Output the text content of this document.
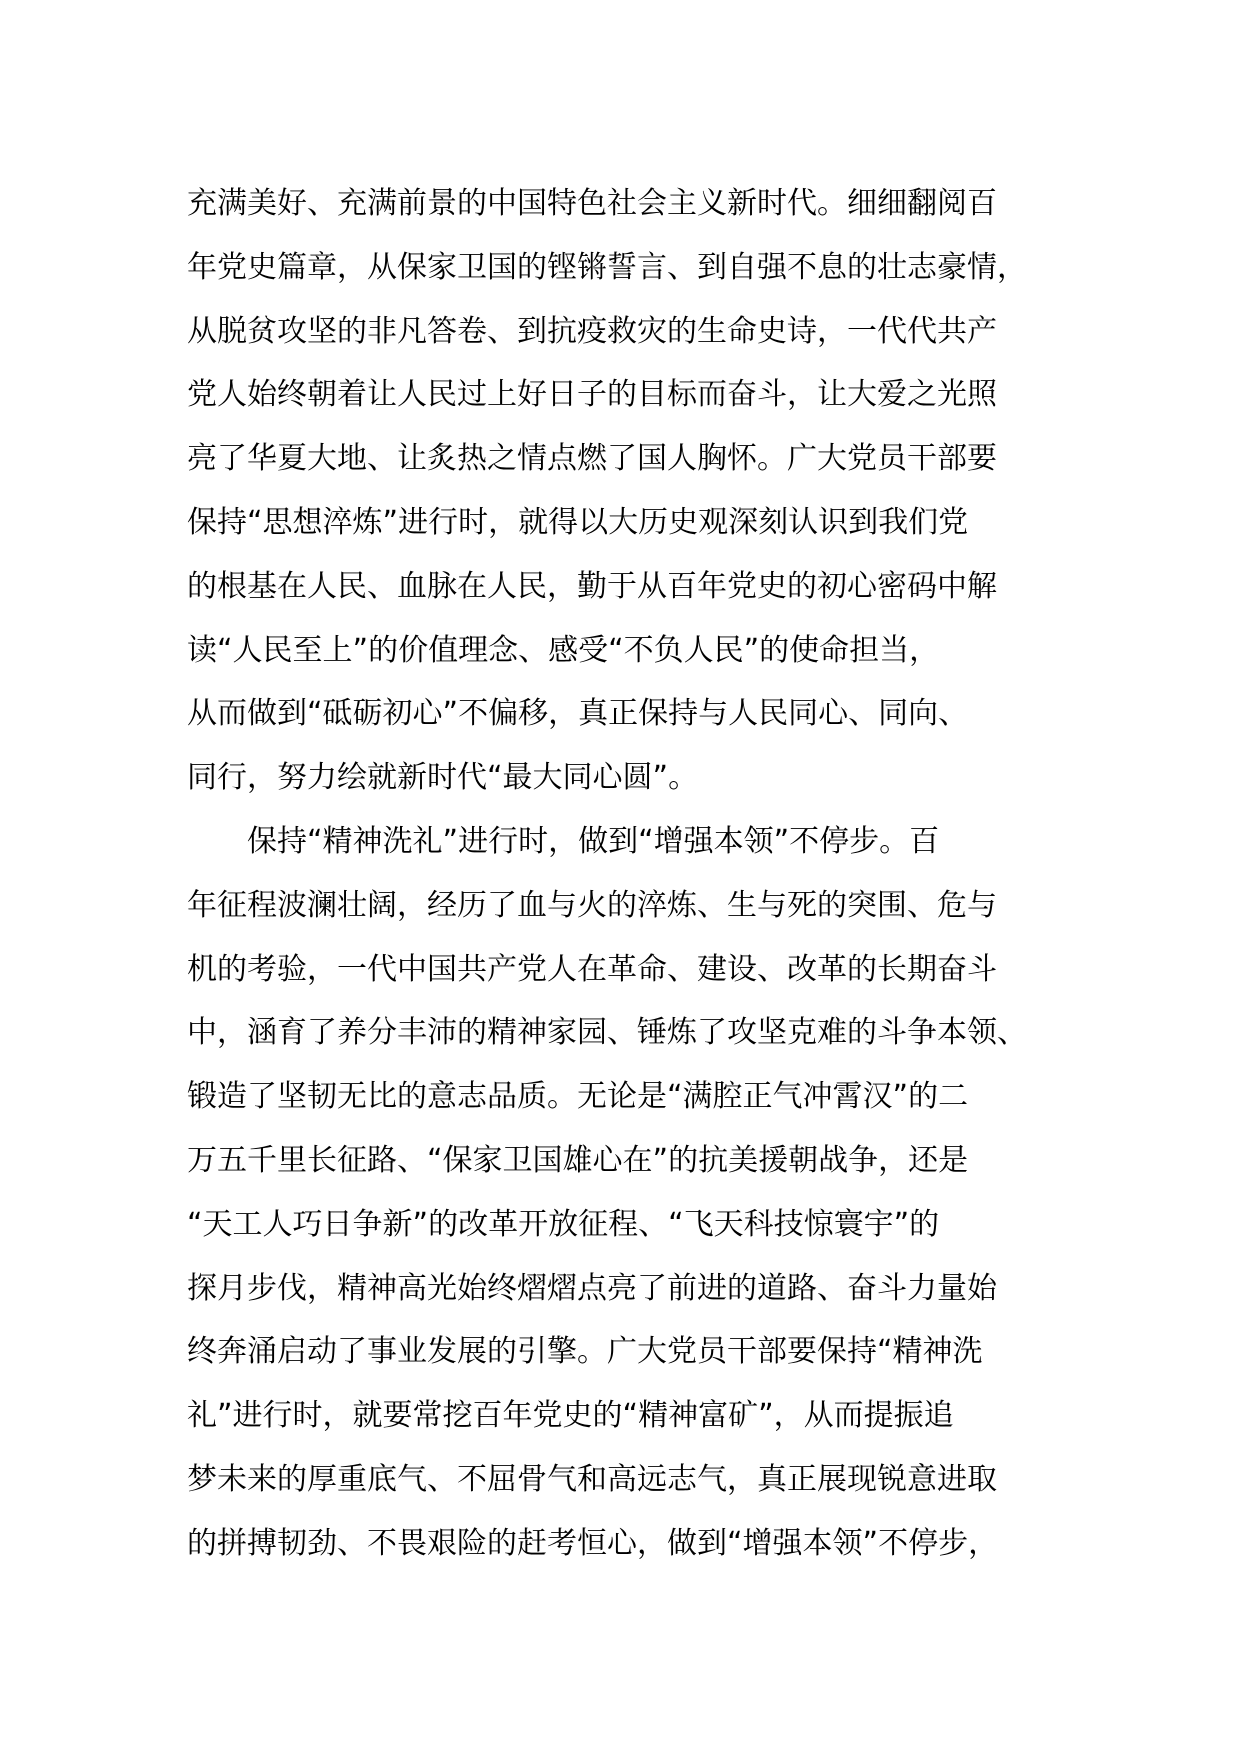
充满美好、充满前景的中国特色社会主义新时代。细细翻阅百
年党史篇章，从保家卫国的铿锵誓言、到自强不息的壮志豪情，
从脱贫攻坚的非凡答卷、到抗疫救灾的生命史诗，一代代共产
党人始终朝着让人民过上好日子的目标而奋斗，让大爱之光照
亮了华夏大地、让炙热之情点燃了国人胸怀。广大党员干部要
保持“思想淬炼”进行时，就得以大历史观深刻认识到我们党
的根基在人民、血脉在人民，勤于从百年党史的初心密码中解
读“人民至上”的价值理念、感受“不负人民”的使命担当，
从而做到“砥砺初心”不偏移，真正保持与人民同心、同向、
同行，努力绘就新时代“最大同心圆”。
保持“精神洗礼”进行时，做到“增强本领”不停步。百
年征程波澜壮阔，经历了血与火的淬炼、生与死的突围、危与
机的考验，一代中国共产党人在革命、建设、改革的长期奋斗
中，涵育了养分丰沛的精神家园、锤炼了攻坚克难的斗争本领、
锻造了坚韧无比的意志品质。无论是“满腔正气冲霄汉”的二
万五千里长征路、“保家卫国雄心在”的抗美援朝战争，还是
“天工人巧日争新”的改革开放征程、“飞天科技惊寰宇”的
探月步伐，精神高光始终熠熠点亮了前进的道路、奋斗力量始
终奔涌启动了事业发展的引擎。广大党员干部要保持“精神洗
礼”进行时，就要常挖百年党史的“精神富矿”，从而提振追
梦未来的厚重底气、不屈骨气和高远志气，真正展现锐意进取
的拼搏韧劲、不畏艰险的赶考恒心，做到“增强本领”不停步，
